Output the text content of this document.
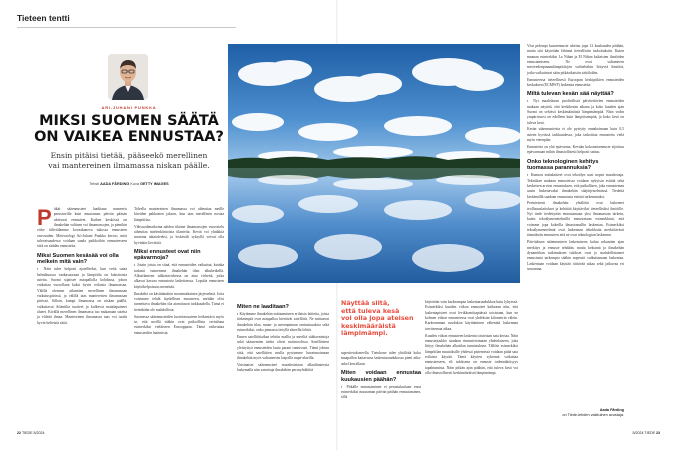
Tieteen tentti
ARI-JUHANI PUNKKA
MIKSI SUOMEN SÄÄTÄ
ON VAIKEA ENNUSTAA?
Ensin pitäisi tietää, pääseekö merellinen
vai mantereinen ilmamassa niskan päälle.
Teksti AADA FÅRDING Kuva GETTY IMAGES

Pitkät sääennusteet laaditaan numeeris perustuvilla kuin muutaman päivän pääsän ulottuvat ennusteet. Kaiken keskössä on ilmakehän valtiaen vai ilmamassojen, ja pienikin virhe tiiliväilamme kovaakaneva tukossa ennusteen osuvuuden. Meteorologi Ari-Juhani Punkka kertoo, mitä tulevaisuudessa voidaan saada paikkoihin ennusteeseen siitä on säädän ennusteita.

Miksi Suomen kesäsää voi olla melkein mitä vain?

▪ Näin tulee helposti ajatelleeksi, kun vettä sataa helmikuussa vaakasuoraan ja lämpötila on kaksitoista astetta. Suomi sijaitsee maapallolla kohdassa, johon vaikuttaa vuorollaan kaksi hyvin erilaista ilmamassaa. Välillä olemme atlanttien merellinen ilmamassan vaikutuspiirissä, ja välillä taas mantereisen ilmamassan piirissä. Silloin, kumpi ilmamassa on niskan päällä, vaikuttavat Atlantilta tuotteet ja kulkevat matalapaineet alueet. Kivällä merellinen ilmamassa tuo mukanaan sateita ja viileää ilmaa. Mantereinen ilmamassa taas voi tuoda hyvin helteisiä säitä.

Talvella mantereinen ilmamassa voi aiheuttaa meille kireiden pakkasten jakson, kun taas merellinen nostaa lämpötilaa.

Vähvuodenaikoina näiden tilanne ilmamassojen vuorottelu aiheuttaa mielenkiintoisia tilanteita. Kevät voi yhtäkkiä muuttua takatalveksi, ja loskaväli syksyllä voivat olla hyvinkin lieväisiä.

Miksi ennusteet ovat niin epävarmoja?

▪ Jotain joista on siinä, että ennusteiden vaikuttaa, kuinka tarkasti tunnemme ilmakehän tilan alkuhetkellä. Alkutilanteen tulkintavirhessa on aina virheitä, jotka alkavat kasvaa ennustetta laskettaessa. Lopulta ennusteen käyttökelpoisuus menettää.

Ilmakehä on käsittämätön monimutkainen järjestelmä. Jotta voisimme tehdä täydellisen ennusteen, meidän olisi tunnettava ilmakehän tila atomitason tarkkuudella. Tämä ei tietenkään ole mahdollista.

Suomessa sääennusteiden luotettavuuteen heikentävä myös se, että meillä sääkin ovat paikoillisia vertailuna esimerkiksi eteläiseen Eurooppaan. Tämä vaikeuttaa ennusteiden laatimista.

Miten ne laaditaan?

▪ Käytämme ilmakehän mittaamiseen erilaisia laitteita, joista tärkeimpiä ovat maapalloa kiertävät satelliitit. Ne mittaavat ilmakehän tilaa, maan- ja merenpinnan ominaisuuksia sekä esimerkiksi, onko pinnassa tietyllä alueella lehtiä.

Ennen satelliittiaikaa tehtiin mallia ja meriltä säähavaintoja sekä sääasemien tiedot olivat avainroolissa. Satelliitteen yleistyttyä ennusteiden laatu parani tuntuvasti. Tämä johtuu siitä, että satelliitien avulla pystymme havainnoimaan ilmakehää myös valtamerien laajoilla napa-alueilla.

Varsinaiset sääennusteet muodostetaan alkutilanteesta laskemalla niin sanottuja ilmakehän perusyhtälöitä

Näyttää siltä,
että tuleva kesä
voi olla jopa ateisen
keskimääräistä
lämpimämpi.

supertietokoneella. Tietokone tulee yhtälöitä koko maapallon kattavassa laskentaruudukossa pieni aika-askel kerrallaan.

Miten voidaan ennustaa kuukausien päähän?

▪ Pitkälle ennustaminen ei perustukuitaan enoa esimerkiksi muutaman päivän päähän ennustaminen, sillä

käytetään vain karkeampaa laskentaruudukkoa kuin lyhyessä. Esimerkiksi kuuden viikon ennusteet kaikeaan niin, että laskentapisteet ovat levikkomittapäässä toisistaan, kun ne kolmen viikon ennusteessa ovat yhdeksän kilometrin välein. Karkeamman ruudukon käyttäminen vähentää laskennan tarvitsemaa aikaa.

Kuuden viikon ennusteen laskenta toistetaan sata kertaa. Näin ennustejoukko saadaan rinnastetoimaan yhdenlaiseen, joka liittyy ilmakehän alkutilan tunnistuksen. Tällöin esimerkiksi lämpötilan muutoksille yhdessä pistemessä voidaan pitää sata erilaista käyrää. Tämä käyrien sykermä vaikuttaa ennusteeseen, eli tuloksena on ennuste todennäköisyys tapahtumista. Näin pitkän ajan päähän, että tuleva kesä voi olla ilmastollisesti keskimääräistä lämpimämpi.

Viisi pidempi kausiennuste ulottuu jopa 12 kuukauden päähän, mutta sitä käytetään lähinnä tieteellisiin tarkoituksiin. Kuten maanan esimerkiksi La Niñan ja El Niñon kaltaisten ilmiöiden ennustamiseen. Ne ovat valtameren merivedenpinnanlämpötilojen vaihteluihin liittyviä ilmiöitä, jotka vaikuttavat sään pitkäaikaisiin säätiloihin.

Ennusteessa tieteellisesti Euroopan keskipitkien ennusteiden keskuksen (ECMWF) laskemia ennusteita.

Miltä tulevan kesän sää näyttää?

▪ Nyt maaliskuun puolivälissä päivitettävien ennusteiden mukaan näyttää, että keskikesän aikana ja koko kauden ajan Suomi on selvästi keskimääräistä lämpimämpää. Näin vodin ympärivuosi on edelleen kuin lämpöisempää, ja koko kesä on tuleva kesä.

Kesän sääennusteista ei ole pystytty ennakoimaan kuin 0,5 asteen hyvässä tarkkuudessa, joka tarkoittaa ennustetta vielä myös eteenpäin.

Ennustetta on yhä epävarma. Kevään kokonaisennuste sijoittuu epävarmaan mihin ilmastollisesti helposti sattuu.

Onko teknologinen kehitys tuomassa parannuksia?

▪ Kunnon mittalaitteet ovat tekoälyn uusi nopea muodostaja. Tekniikan mukaan ennusteissa voidaan nykyisin esittää sekä keskeisen arvion ennustuksen, että paikallisen, joka ennustetaan uusin laskettavaksi ilmakehän sääjärjestelmässä. Tiedettä keräämällä saadaan ennustusta entistä tarkemmaksi.

Perinteisesti ilmakehän yhtälöitä ovat laskeneet teollisuuslaitokset ja kehittää käyttäviksi tieteellisiksi ilmiöille. Nyt tiede tiedettyään ennustamaan yksi ilmamassan tärkein, kuten tekoälymenetelmillä ennustetaan esimerkkinä, että voimme jopa kokeilla ilmastomallin laskentaa. Esimerkiksi tekoälymenetelmät ovat laskennan tehokkaita merkittävästi täsmäävän ennusteen että ne ovat teknologian laskennat.

Päivittäisen sääennusteen laskemiseen kuluu sekuntien ajan merkitys ja ennuste tehdään, mutta keksintä ja ilmakehän dynamiikan tutkimuksen tulokset ovat jo mahdollistaneet ennustusta tarkempia sääkin nopeasti vaikuttamaan laskentaa. Laskentaan voidaan käyttää riittävää aikaa sekä jatkuvaa eri seurantaa.

Aada Fårding
on Tiede-lehden vakituinen avustaja.
22 TIEDE 5/2024	5/2024 TIEDE 23
